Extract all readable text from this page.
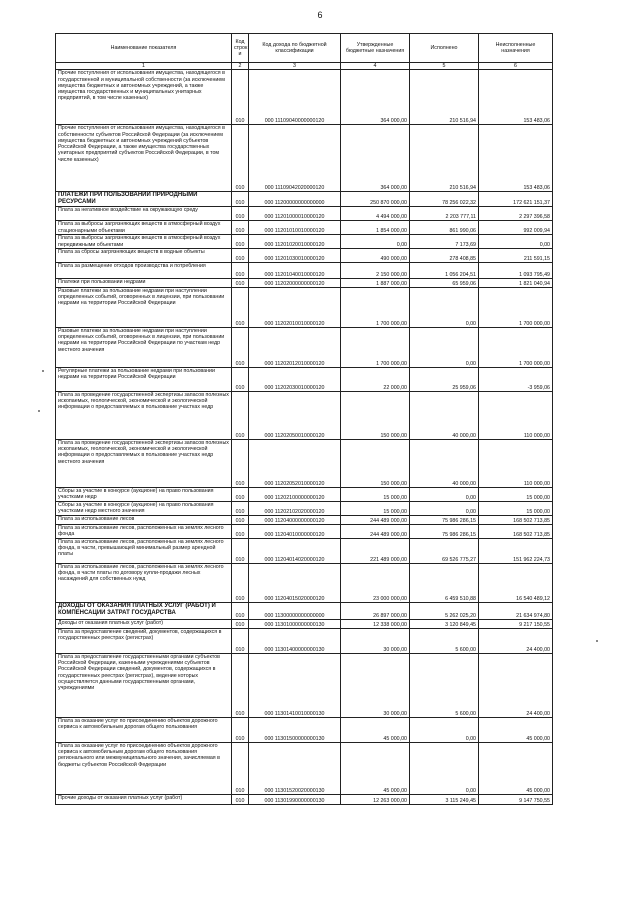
6
Наименование показателя	Код строк и	Код дохода по бюджетной классификации	Утвержденные бюджетные назначения	Исполнено	Неисполненные назначения
1	2	3	4	5	6
Прочие поступления от использования имущества, находящегося в государственной и муниципальной собственности (за исключением имущества бюджетных и автономных учреждений, а также имущества государственных и муниципальных унитарных предприятий, в том числе казенных)	010	000 11109040000000120	364 000,00	210 516,94	153 483,06
Прочие поступления от использования имущества, находящегося в собственности субъектов Российской Федерации (за исключением имущества бюджетных и автономных учреждений субъектов Российской Федерации, а также имущества государственных унитарных предприятий субъектов Российской Федерации, в том числе казенных)	010	000 11109042020000120	364 000,00	210 516,94	153 483,06
ПЛАТЕЖИ ПРИ ПОЛЬЗОВАНИИ ПРИРОДНЫМИ РЕСУРСАМИ	010	000 11200000000000000	250 870 000,00	78 256 022,32	172 621 151,37
Плата за негативное воздействие на окружающую среду	010	000 11201000010000120	4 494 000,00	2 203 777,11	2 297 396,58
Плата за выбросы загрязняющих веществ в атмосферный воздух стационарными объектами	010	000 11201010010000120	1 854 000,00	861 990,06	992 009,94
Плата за выбросы загрязняющих веществ в атмосферный воздух передвижными объектами	010	000 11201020010000120	0,00	7 173,69	0,00
Плата за сбросы загрязняющих веществ в водные объекты	010	000 11201030010000120	490 000,00	278 408,85	211 591,15
Плата за размещение отходов производства и потребления	010	000 11201040010000120	2 150 000,00	1 056 204,51	1 093 795,49
Платежи при пользовании недрами	010	000 11202000000000120	1 887 000,00	65 959,06	1 821 040,94
Разовые платежи за пользование недрами при наступлении определенных событий, оговоренных в лицензии, при пользовании недрами на территории Российской Федерации	010	000 11202010010000120	1 700 000,00	0,00	1 700 000,00
Разовые платежи за пользование недрами при наступлении определенных событий, оговоренных в лицензии, при пользовании недрами на территории Российской Федерации по участкам недр местного значения	010	000 11202012010000120	1 700 000,00	0,00	1 700 000,00
Регулярные платежи за пользование недрами при пользовании недрами на территории Российской Федерации	010	000 11202030010000120	22 000,00	25 959,06	-3 959,06
Плата за проведение государственной экспертизы запасов полезных ископаемых, геологической, экономической и экологической информации о предоставляемых в пользование участках недр	010	000 11202050010000120	150 000,00	40 000,00	110 000,00
Плата за проведение государственной экспертизы запасов полезных ископаемых, геологической, экономической и экологической информации о предоставляемых в пользование участках недр местного значения	010	000 11202052010000120	150 000,00	40 000,00	110 000,00
Сборы за участие в конкурсе (аукционе) на право пользования участками недр	010	000 11202100000000120	15 000,00	0,00	15 000,00
Сборы за участие в конкурсе (аукционе) на право пользования участками недр местного значения	010	000 11202102020000120	15 000,00	0,00	15 000,00
Плата за использование лесов	010	000 11204000000000120	244 489 000,00	75 986 286,15	168 502 713,85
Плата за использование лесов, расположенных на землях лесного фонда	010	000 11204010000000120	244 489 000,00	75 986 286,15	168 502 713,85
Плата за использование лесов, расположенных на землях лесного фонда, в части, превышающей минимальный размер арендной платы	010	000 11204014020000120	221 489 000,00	69 526 775,27	151 962 224,73
Плата за использование лесов, расположенных на землях лесного фонда, в части платы по договору купли-продажи лесных насаждений для собственных нужд	010	000 11204015020000120	23 000 000,00	6 459 510,88	16 540 489,12
ДОХОДЫ ОТ ОКАЗАНИЯ ПЛАТНЫХ УСЛУГ (РАБОТ) И КОМПЕНСАЦИИ ЗАТРАТ ГОСУДАРСТВА	010	000 11300000000000000	26 897 000,00	5 262 025,20	21 634 974,80
Доходы от оказания платных услуг (работ)	010	000 11301000000000130	12 338 000,00	3 120 849,45	9 217 150,55
Плата за предоставление сведений, документов, содержащихся в государственных реестрах (регистрах)	010	000 11301400000000130	30 000,00	5 600,00	24 400,00
Плата за предоставление государственными органами субъектов Российской Федерации, казенными учреждениями субъектов Российской Федерации сведений, документов, содержащихся в государственных реестрах (регистрах), ведение которых осуществляется данными государственными органами, учреждениями	010	000 11301410010000130	30 000,00	5 600,00	24 400,00
Плата за оказание услуг по присоединению объектов дорожного сервиса к автомобильным дорогам общего пользования	010	000 11301500000000130	45 000,00	0,00	45 000,00
Плата за оказание услуг по присоединению объектов дорожного сервиса к автомобильным дорогам общего пользования регионального или межмуниципального значения, зачисляемая в бюджеты субъектов Российской Федерации	010	000 11301520020000130	45 000,00	0,00	45 000,00
Прочие доходы от оказания платных услуг (работ)	010	000 11301990000000130	12 263 000,00	3 115 249,45	9 147 750,55
